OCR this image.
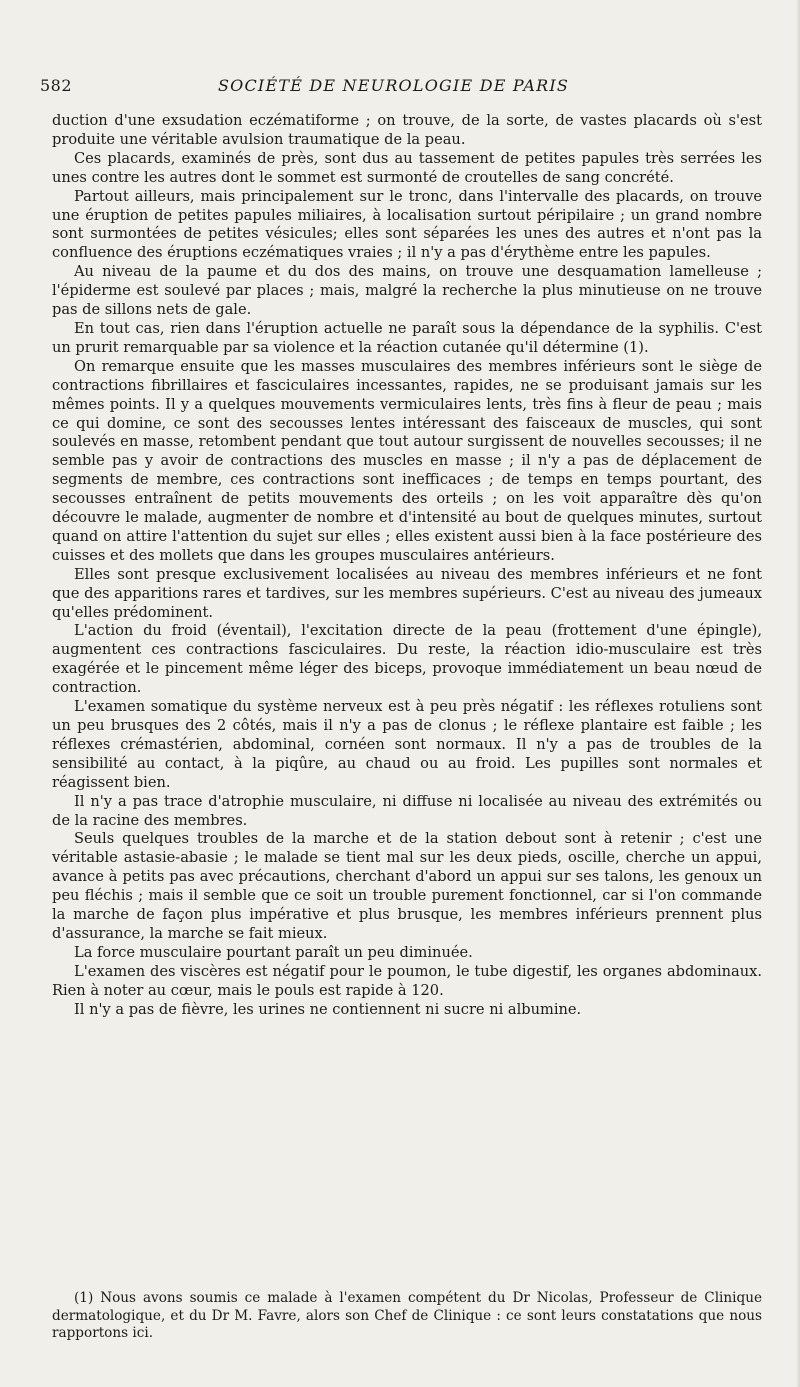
582	SOCIÉTÉ DE NEUROLOGIE DE PARIS

duction d'une exsudation eczématiforme ; on trouve, de la sorte, de vastes placards où s'est produite une véritable avulsion traumatique de la peau.

Ces placards, examinés de près, sont dus au tassement de petites papules très serrées les unes contre les autres dont le sommet est surmonté de croutelles de sang concrété.

Partout ailleurs, mais principalement sur le tronc, dans l'intervalle des placards, on trouve une éruption de petites papules miliaires, à localisation surtout péripilaire ; un grand nombre sont surmontées de petites vésicules; elles sont séparées les unes des autres et n'ont pas la confluence des éruptions eczématiques vraies ; il n'y a pas d'érythème entre les papules.

Au niveau de la paume et du dos des mains, on trouve une desquamation lamelleuse ; l'épiderme est soulevé par places ; mais, malgré la recherche la plus minutieuse on ne trouve pas de sillons nets de gale.

En tout cas, rien dans l'éruption actuelle ne paraît sous la dépendance de la syphilis. C'est un prurit remarquable par sa violence et la réaction cutanée qu'il détermine (1).

On remarque ensuite que les masses musculaires des membres inférieurs sont le siège de contractions fibrillaires et fasciculaires incessantes, rapides, ne se produisant jamais sur les mêmes points. Il y a quelques mouvements vermiculaires lents, très fins à fleur de peau ; mais ce qui domine, ce sont des secousses lentes intéressant des faisceaux de muscles, qui sont soulevés en masse, retombent pendant que tout autour surgissent de nouvelles secousses; il ne semble pas y avoir de contractions des muscles en masse ; il n'y a pas de déplacement de segments de membre, ces contractions sont inefficaces ; de temps en temps pourtant, des secousses entraînent de petits mouvements des orteils ; on les voit apparaître dès qu'on découvre le malade, augmenter de nombre et d'intensité au bout de quelques minutes, surtout quand on attire l'attention du sujet sur elles ; elles existent aussi bien à la face postérieure des cuisses et des mollets que dans les groupes musculaires antérieurs.

Elles sont presque exclusivement localisées au niveau des membres inférieurs et ne font que des apparitions rares et tardives, sur les membres supérieurs. C'est au niveau des jumeaux qu'elles prédominent.

L'action du froid (éventail), l'excitation directe de la peau (frottement d'une épingle), augmentent ces contractions fasciculaires. Du reste, la réaction idio-musculaire est très exagérée et le pincement même léger des biceps, provoque immédiatement un beau nœud de contraction.

L'examen somatique du système nerveux est à peu près négatif : les réflexes rotuliens sont un peu brusques des 2 côtés, mais il n'y a pas de clonus ; le réflexe plantaire est faible ; les réflexes crémastérien, abdominal, cornéen sont normaux. Il n'y a pas de troubles de la sensibilité au contact, à la piqûre, au chaud ou au froid. Les pupilles sont normales et réagissent bien.

Il n'y a pas trace d'atrophie musculaire, ni diffuse ni localisée au niveau des extrémités ou de la racine des membres.

Seuls quelques troubles de la marche et de la station debout sont à retenir ; c'est une véritable astasie-abasie ; le malade se tient mal sur les deux pieds, oscille, cherche un appui, avance à petits pas avec précautions, cherchant d'abord un appui sur ses talons, les genoux un peu fléchis ; mais il semble que ce soit un trouble purement fonctionnel, car si l'on commande la marche de façon plus impérative et plus brusque, les membres inférieurs prennent plus d'assurance, la marche se fait mieux.

La force musculaire pourtant paraît un peu diminuée.

L'examen des viscères est négatif pour le poumon, le tube digestif, les organes abdominaux. Rien à noter au cœur, mais le pouls est rapide à 120.

Il n'y a pas de fièvre, les urines ne contiennent ni sucre ni albumine.

(1) Nous avons soumis ce malade à l'examen compétent du Dr Nicolas, Professeur de Clinique dermatologique, et du Dr M. Favre, alors son Chef de Clinique : ce sont leurs constatations que nous rapportons ici.
